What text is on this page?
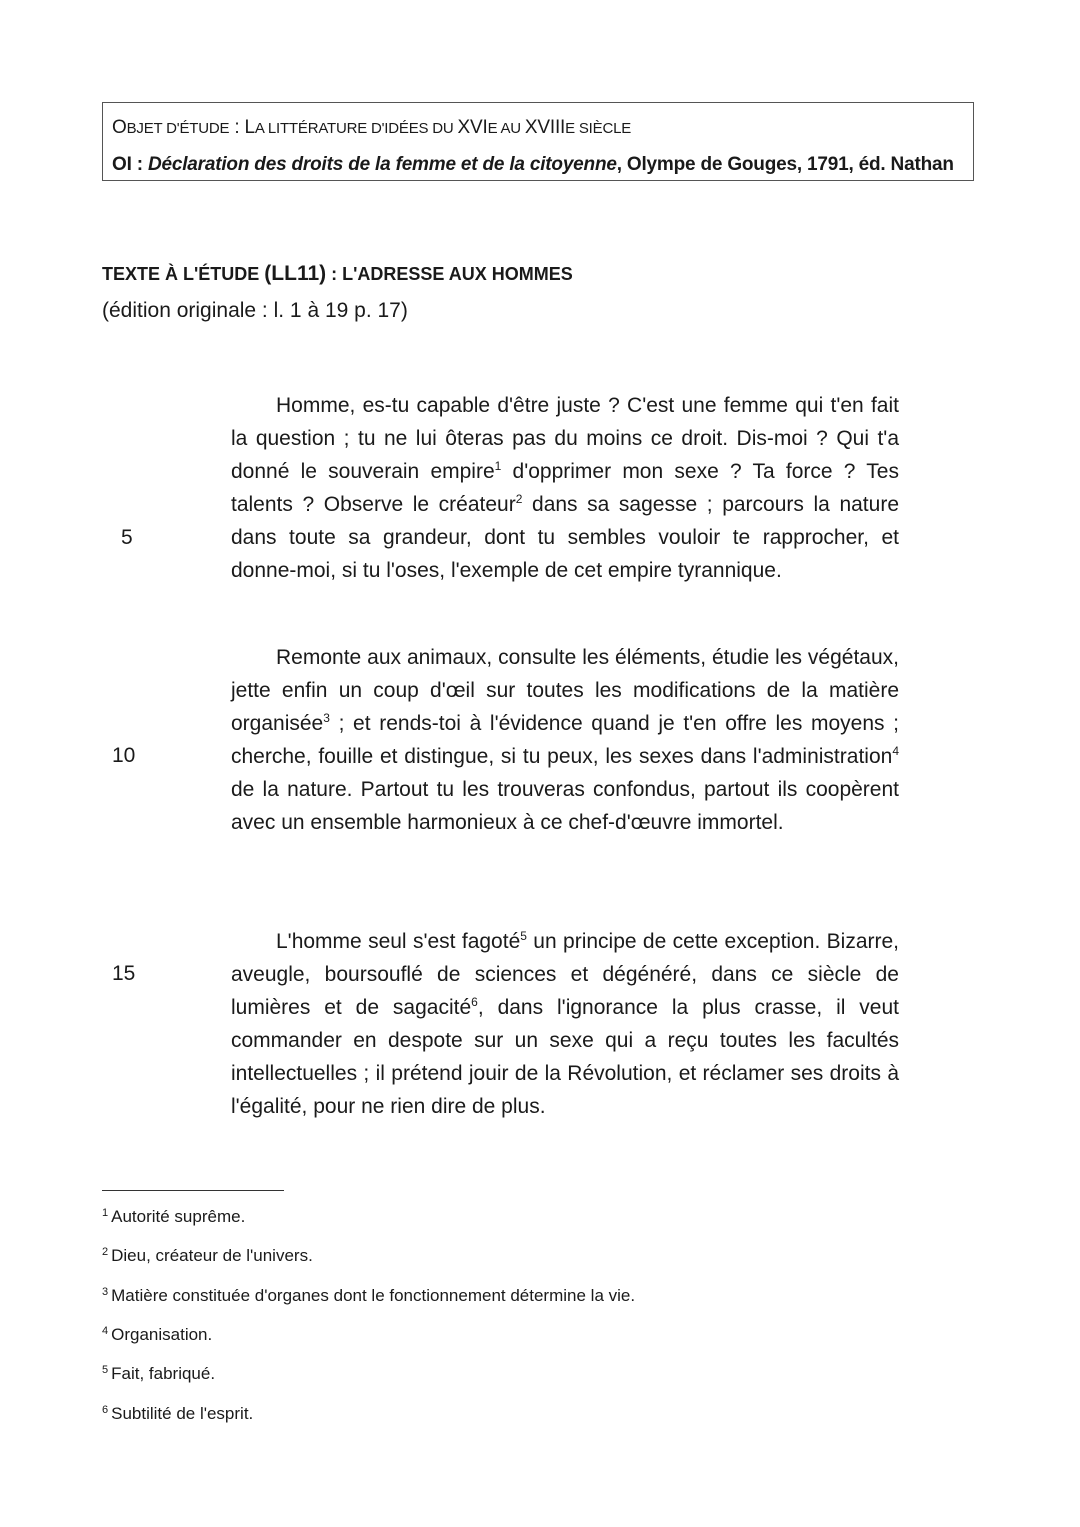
OBJET D'ÉTUDE : LA LITTÉRATURE D'IDÉES DU XVIE AU XVIIIE SIÈCLE
OI : Déclaration des droits de la femme et de la citoyenne, Olympe de Gouges, 1791, éd. Nathan
TEXTE À L'ÉTUDE (LL11) : L'ADRESSE AUX HOMMES
(édition originale : l. 1 à 19 p. 17)
Homme, es-tu capable d'être juste ? C'est une femme qui t'en fait la question ; tu ne lui ôteras pas du moins ce droit. Dis-moi ? Qui t'a donné le souverain empire$^1$ d'opprimer mon sexe ? Ta force ? Tes talents ? Observe le créateur$^2$ dans sa sagesse ; parcours la nature dans toute sa grandeur, dont tu sembles vouloir te rapprocher, et donne-moi, si tu l'oses, l'exemple de cet empire tyrannique.
Remonte aux animaux, consulte les éléments, étudie les végétaux, jette enfin un coup d'œil sur toutes les modifications de la matière organisée$^3$ ; et rends-toi à l'évidence quand je t'en offre les moyens ; cherche, fouille et distingue, si tu peux, les sexes dans l'administration$^4$ de la nature. Partout tu les trouveras confondus, partout ils coopèrent avec un ensemble harmonieux à ce chef-d'œuvre immortel.
L'homme seul s'est fagoté$^5$ un principe de cette exception. Bizarre, aveugle, boursouflé de sciences et dégénéré, dans ce siècle de lumières et de sagacité$^6$, dans l'ignorance la plus crasse, il veut commander en despote sur un sexe qui a reçu toutes les facultés intellectuelles ; il prétend jouir de la Révolution, et réclamer ses droits à l'égalité, pour ne rien dire de plus.
5
10
15
$^1$ Autorité suprême.
$^2$ Dieu, créateur de l'univers.
$^3$ Matière constituée d'organes dont le fonctionnement détermine la vie.
$^4$ Organisation.
$^5$ Fait, fabriqué.
$^6$ Subtilité de l'esprit.
